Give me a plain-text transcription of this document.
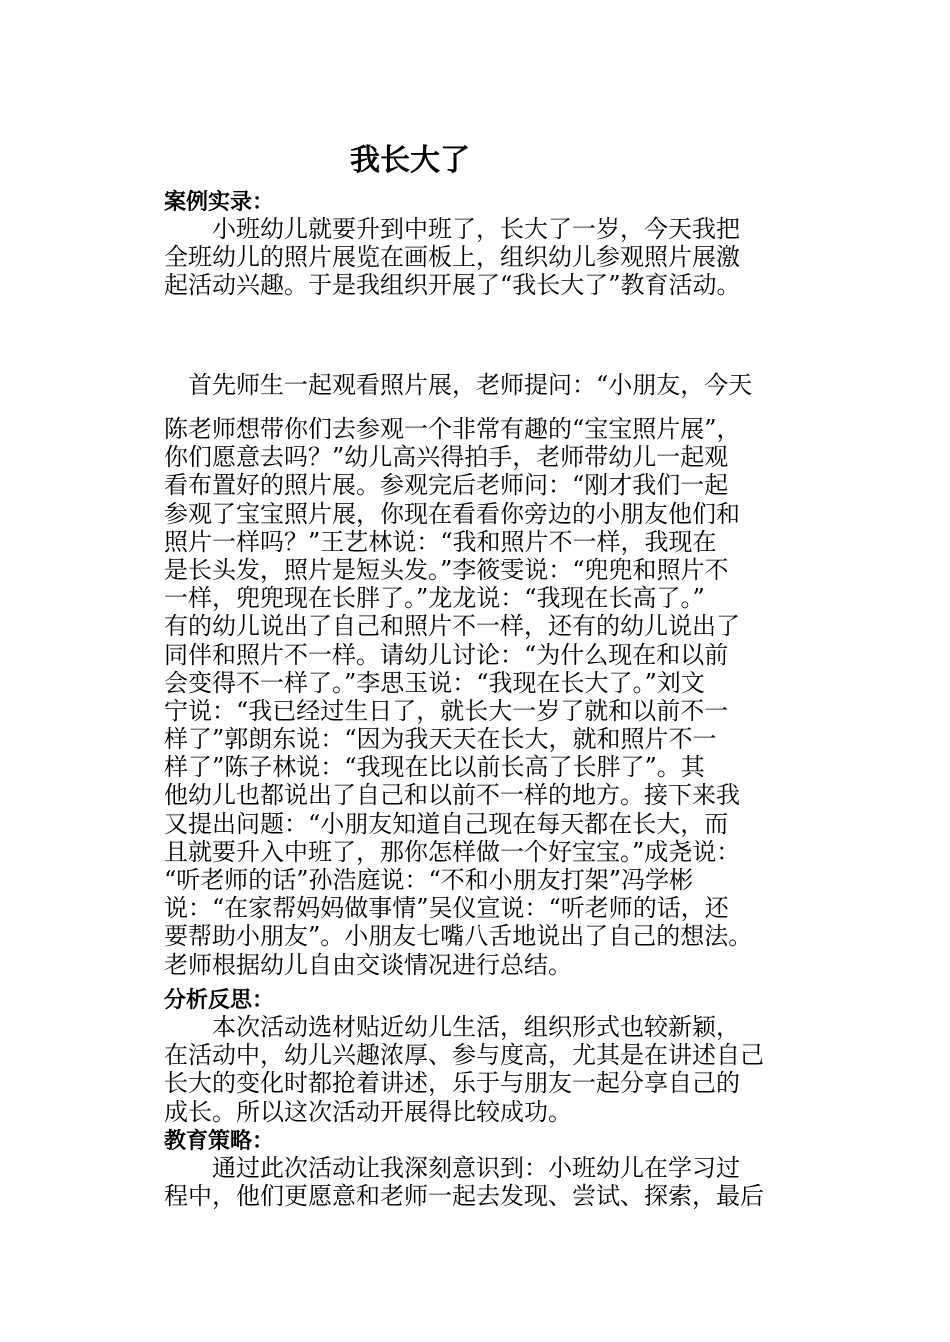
我长大了
案例实录：

小班幼儿就要升到中班了，长大了一岁，今天我把
全班幼儿的照片展览在画板上，组织幼儿参观照片展激
起活动兴趣。于是我组织开展了“我长大了”教育活动。

首先师生一起观看照片展，老师提问：“小朋友，今天

陈老师想带你们去参观一个非常有趣的“宝宝照片展”，
你们愿意去吗？”幼儿高兴得拍手，老师带幼儿一起观
看布置好的照片展。参观完后老师问：“刚才我们一起
参观了宝宝照片展，你现在看看你旁边的小朋友他们和
照片一样吗？”王艺林说：“我和照片不一样，我现在
是长头发，照片是短头发。”李筱雯说：“兜兜和照片不
一样，兜兜现在长胖了。”龙龙说：“我现在长高了。”
有的幼儿说出了自己和照片不一样，还有的幼儿说出了
同伴和照片不一样。请幼儿讨论：“为什么现在和以前
会变得不一样了。”李思玉说：“我现在长大了。”刘文
宁说：“我已经过生日了，就长大一岁了就和以前不一
样了”郭朗东说：“因为我天天在长大，就和照片不一
样了”陈子林说：“我现在比以前长高了长胖了”。其
他幼儿也都说出了自己和以前不一样的地方。接下来我
又提出问题：“小朋友知道自己现在每天都在长大，而
且就要升入中班了，那你怎样做一个好宝宝。”成尧说：
“听老师的话”孙浩庭说：“不和小朋友打架”冯学彬
说：“在家帮妈妈做事情”吴仪宣说：“听老师的话，还
要帮助小朋友”。小朋友七嘴八舌地说出了自己的想法。
老师根据幼儿自由交谈情况进行总结。

分析反思：

本次活动选材贴近幼儿生活，组织形式也较新颖，
在活动中，幼儿兴趣浓厚、参与度高，尤其是在讲述自己
长大的变化时都抢着讲述，乐于与朋友一起分享自己的
成长。所以这次活动开展得比较成功。

教育策略：

通过此次活动让我深刻意识到：小班幼儿在学习过
程中，他们更愿意和老师一起去发现、尝试、探索，最后
